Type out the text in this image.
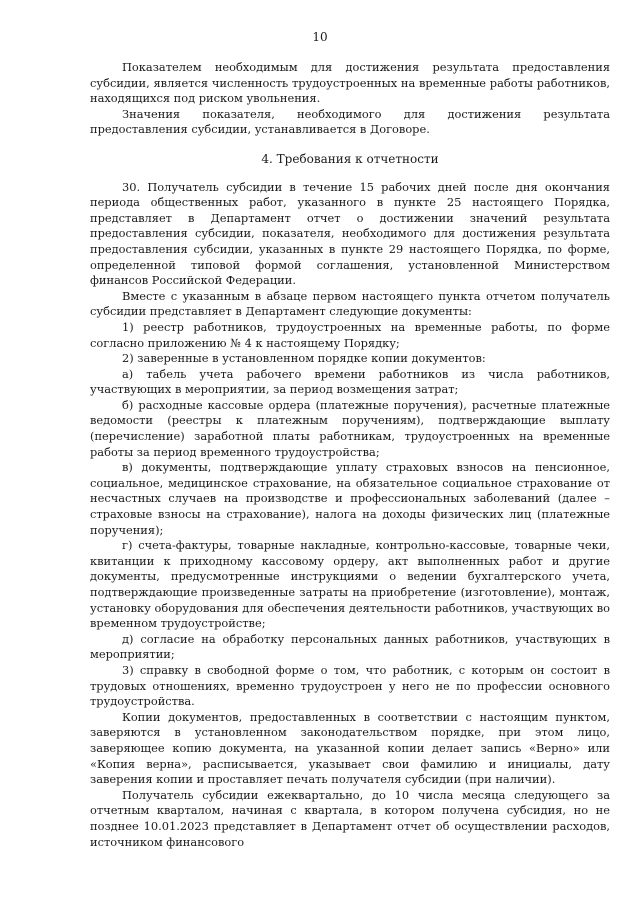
10

Показателем необходимым для достижения результата предоставления субсидии, является численность трудоустроенных на временные работы работников, находящихся под риском увольнения.

Значения показателя, необходимого для достижения результата предоставления субсидии, устанавливается в Договоре.

4. Требования к отчетности

30. Получатель субсидии в течение 15 рабочих дней после дня окончания периода общественных работ, указанного в пункте 25 настоящего Порядка, представляет в Департамент отчет о достижении значений результата предоставления субсидии, показателя, необходимого для достижения результата предоставления субсидии, указанных в пункте 29 настоящего Порядка, по форме, определенной типовой формой соглашения, установленной Министерством финансов Российской Федерации.

Вместе с указанным в абзаце первом настоящего пункта отчетом получатель субсидии представляет в Департамент следующие документы:

1) реестр работников, трудоустроенных на временные работы, по форме согласно приложению № 4 к настоящему Порядку;

2) заверенные в установленном порядке копии документов:

а) табель учета рабочего времени работников из числа работников, участвующих в мероприятии, за период возмещения затрат;

б) расходные кассовые ордера (платежные поручения), расчетные платежные ведомости (реестры к платежным поручениям), подтверждающие выплату (перечисление) заработной платы работникам, трудоустроенных на временные работы за период временного трудоустройства;

в) документы, подтверждающие уплату страховых взносов на пенсионное, социальное, медицинское страхование, на обязательное социальное страхование от несчастных случаев на производстве и профессиональных заболеваний (далее – страховые взносы на страхование), налога на доходы физических лиц (платежные поручения);

г) счета-фактуры, товарные накладные, контрольно-кассовые, товарные чеки, квитанции к приходному кассовому ордеру, акт выполненных работ и другие документы, предусмотренные инструкциями о ведении бухгалтерского учета, подтверждающие произведенные затраты на приобретение (изготовление), монтаж, установку оборудования для обеспечения деятельности работников, участвующих во временном трудоустройстве;

д) согласие на обработку персональных данных работников, участвующих в мероприятии;

3) справку в свободной форме о том, что работник, с которым он состоит в трудовых отношениях, временно трудоустроен у него не по профессии основного трудоустройства.

Копии документов, предоставленных в соответствии с настоящим пунктом, заверяются в установленном законодательством порядке, при этом лицо, заверяющее копию документа, на указанной копии делает запись «Верно» или «Копия верна», расписывается, указывает свои фамилию и инициалы, дату заверения копии и проставляет печать получателя субсидии (при наличии).

Получатель субсидии ежеквартально, до 10 числа месяца следующего за отчетным кварталом, начиная с квартала, в котором получена субсидия, но не позднее 10.01.2023 представляет в Департамент отчет об осуществлении расходов, источником финансового
